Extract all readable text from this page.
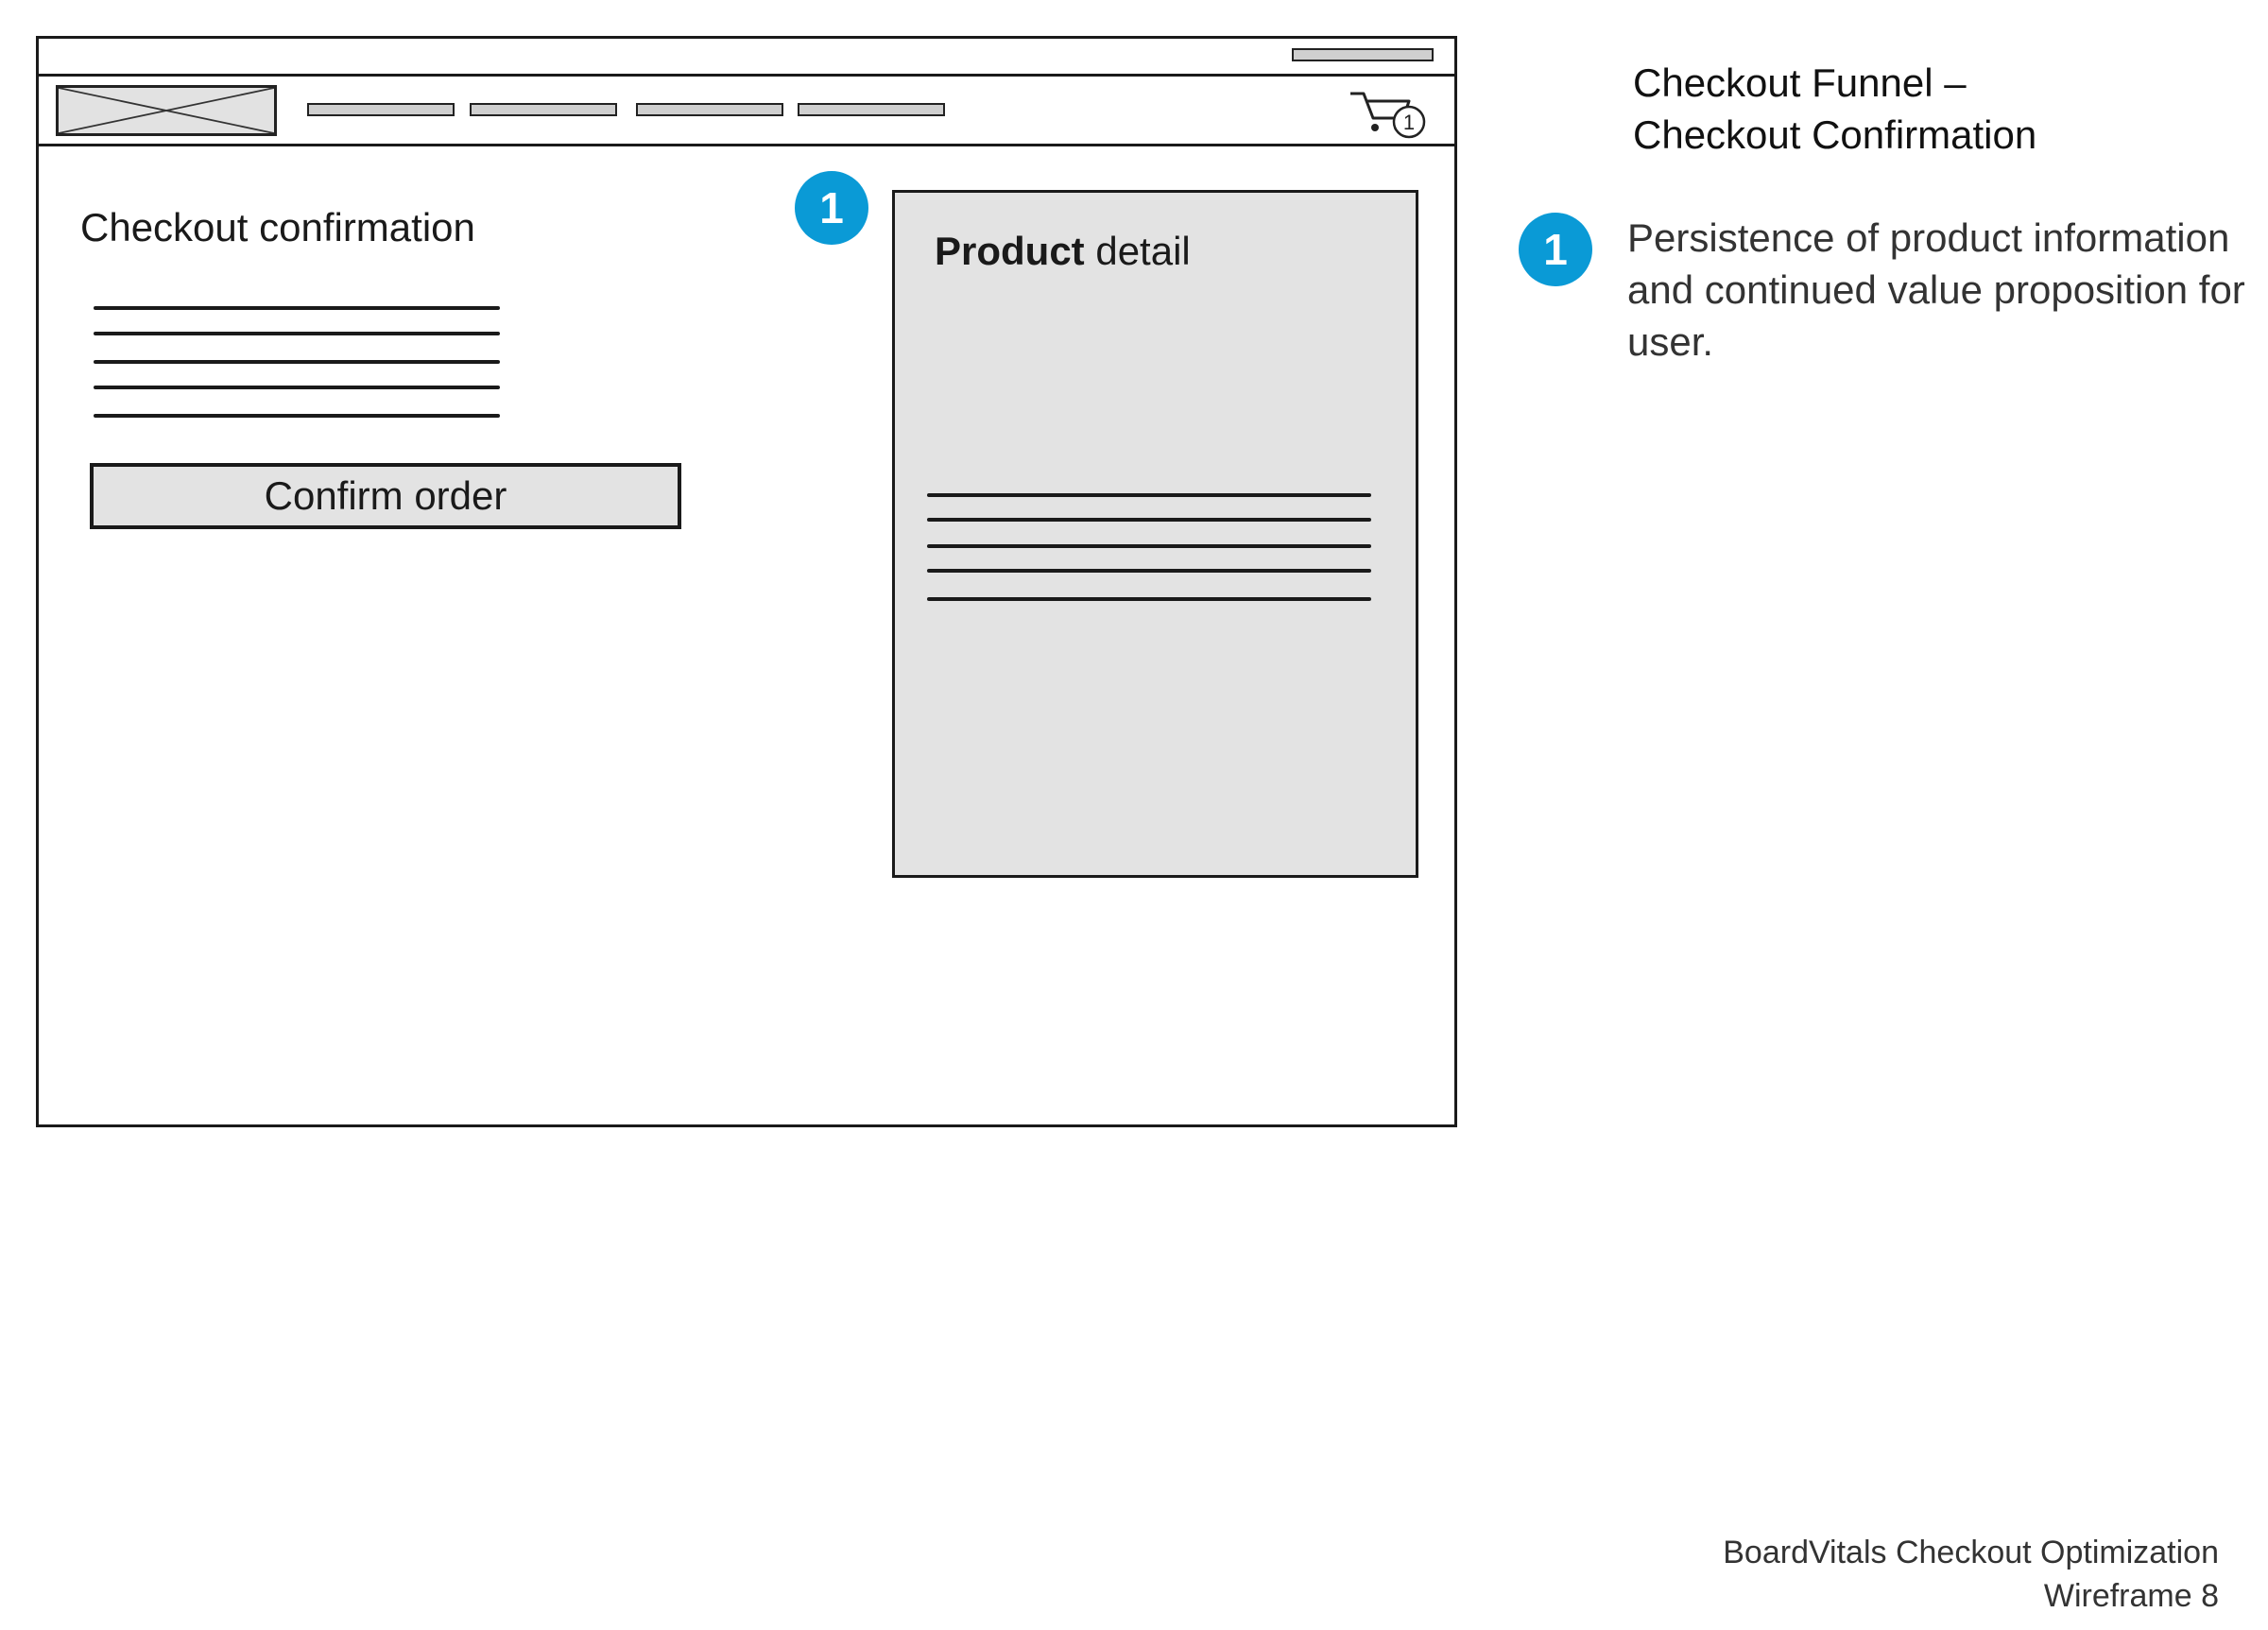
1
Checkout confirmation
Confirm order
1
Product detail
Checkout Funnel –
Checkout Confirmation
1	Persistence of product information and continued value proposition for user.
BoardVitals Checkout Optimization
Wireframe 8
